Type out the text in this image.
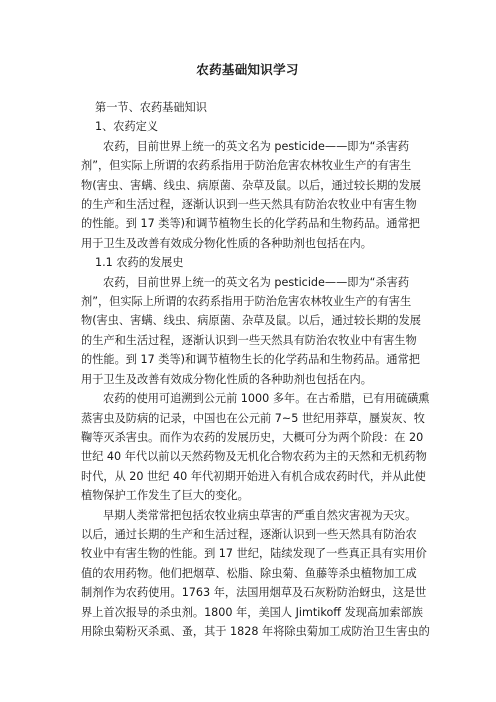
农药基础知识学习
第一节、农药基础知识
1、农药定义
农药，目前世界上统一的英文名为 pesticide——即为“杀害药
剂”，但实际上所谓的农药系指用于防治危害农林牧业生产的有害生
物(害虫、害螨、线虫、病原菌、杂草及鼠。以后，通过较长期的发展
的生产和生活过程，逐渐认识到一些天然具有防治农牧业中有害生物
的性能。到 17 类等)和调节植物生长的化学药品和生物药品。通常把
用于卫生及改善有效成分物化性质的各种助剂也包括在内。
1.1 农药的发展史
农药，目前世界上统一的英文名为 pesticide——即为“杀害药
剂”，但实际上所谓的农药系指用于防治危害农林牧业生产的有害生
物(害虫、害螨、线虫、病原菌、杂草及鼠。以后，通过较长期的发展
的生产和生活过程，逐渐认识到一些天然具有防治农牧业中有害生物
的性能。到 17 类等)和调节植物生长的化学药品和生物药品。通常把
用于卫生及改善有效成分物化性质的各种助剂也包括在内。
农药的使用可追溯到公元前 1000 多年。在古希腊，已有用硫磺熏
蒸害虫及防病的记录，中国也在公元前 7~5 世纪用莽草，蜃炭灰、牧
鞠等灭杀害虫。而作为农药的发展历史，大概可分为两个阶段：在 20
世纪 40 年代以前以天然药物及无机化合物农药为主的天然和无机药物
时代，从 20 世纪 40 年代初期开始进入有机合成农药时代，并从此使
植物保护工作发生了巨大的变化。
早期人类常常把包括农牧业病虫草害的严重自然灾害视为天灾。
以后，通过长期的生产和生活过程，逐渐认识到一些天然具有防治农
牧业中有害生物的性能。到 17 世纪，陆续发现了一些真正具有实用价
值的农用药物。他们把烟草、松脂、除虫菊、鱼藤等杀虫植物加工成
制剂作为农药使用。1763 年，法国用烟草及石灰粉防治蚜虫，这是世
界上首次报导的杀虫剂。1800 年，美国人 Jimtikoff 发现高加索部族
用除虫菊粉灭杀虱、蚤，其于 1828 年将除虫菊加工成防治卫生害虫的
